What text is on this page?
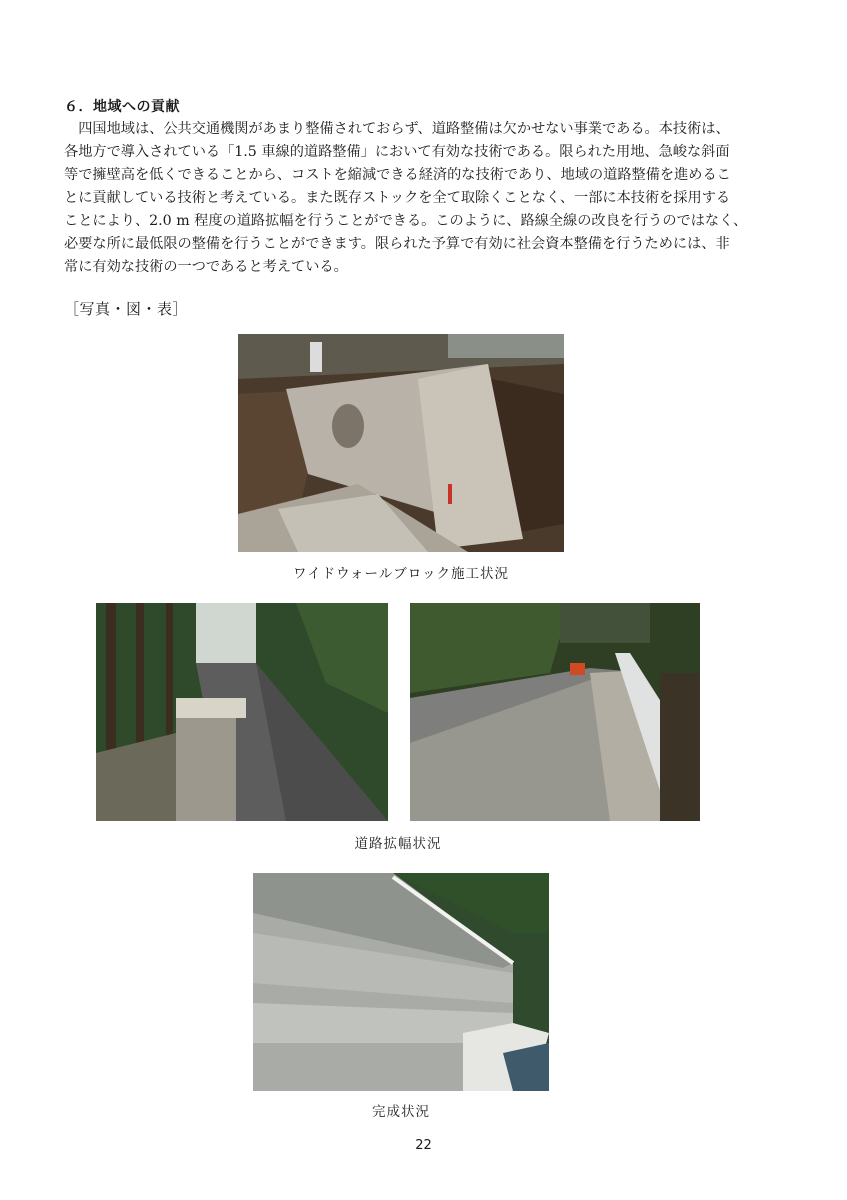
６．地域への貢献
　四国地域は、公共交通機関があまり整備されておらず、道路整備は欠かせない事業である。本技術は、
各地方で導入されている「1.5 車線的道路整備」において有効な技術である。限られた用地、急峻な斜面
等で擁壁高を低くできることから、コストを縮減できる経済的な技術であり、地域の道路整備を進めるこ
とに貢献している技術と考えている。また既存ストックを全て取除くことなく、一部に本技術を採用する
ことにより、2.0 m 程度の道路拡幅を行うことができる。このように、路線全線の改良を行うのではなく、
必要な所に最低限の整備を行うことができます。限られた予算で有効に社会資本整備を行うためには、非
常に有効な技術の一つであると考えている。
［写真・図・表］
ワイドウォールブロック施工状況
道路拡幅状況
完成状況
22
